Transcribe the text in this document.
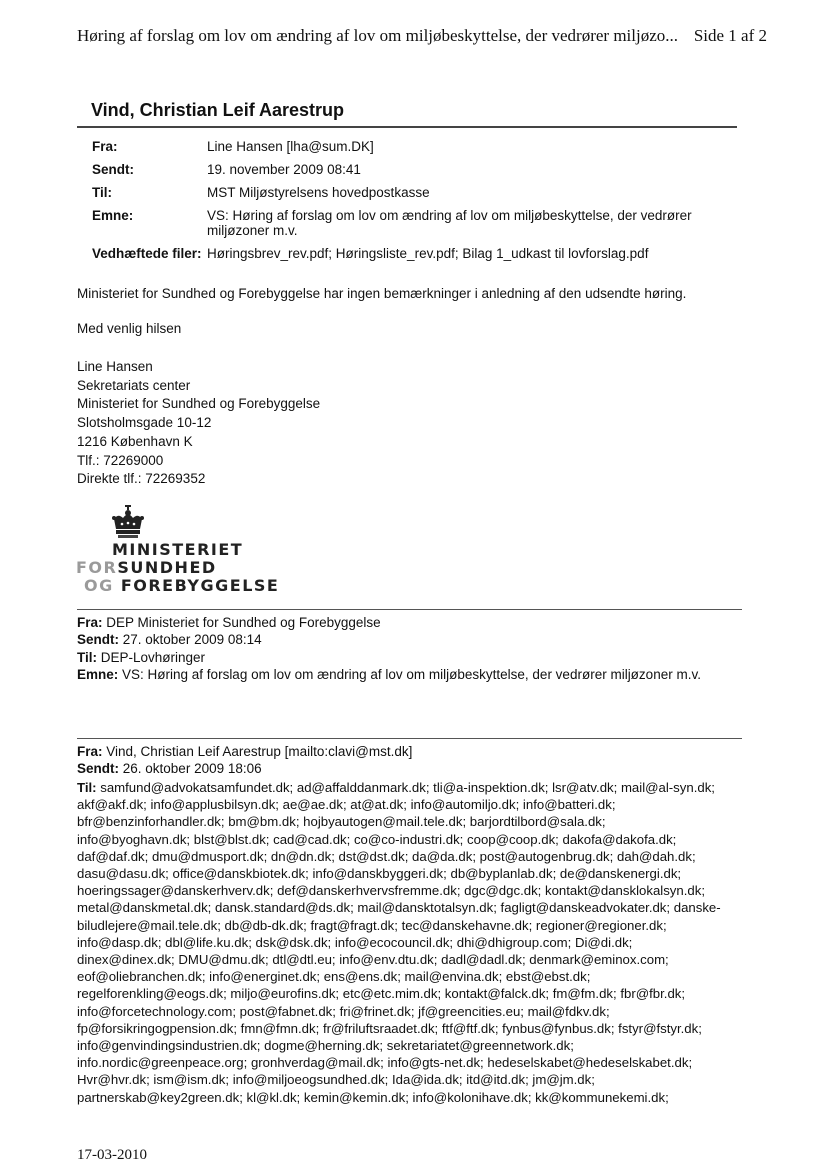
Høring af forslag om lov om ændring af lov om miljøbeskyttelse, der vedrører miljøzo... Side 1 af 2
Vind, Christian Leif Aarestrup
Fra:	Line Hansen [lha@sum.DK]
Sendt:	19. november 2009 08:41
Til:	MST Miljøstyrelsens hovedpostkasse
Emne:	VS: Høring af forslag om lov om ændring af lov om miljøbeskyttelse, der vedrører
miljøzoner m.v.
Vedhæftede filer: Høringsbrev_rev.pdf; Høringsliste_rev.pdf; Bilag 1_udkast til lovforslag.pdf
Ministeriet for Sundhed og Forebyggelse har ingen bemærkninger i anledning af den udsendte høring.
Med venlig hilsen
Line Hansen
Sekretariats center
Ministeriet for Sundhed og Forebyggelse
Slotsholmsgade 10-12
1216 København K
Tlf.: 72269000
Direkte tlf.: 72269352
MINISTERIET
FORSUNDHED
OG FOREBYGGELSE
Fra: DEP Ministeriet for Sundhed og Forebyggelse
Sendt: 27. oktober 2009 08:14
Til: DEP-Lovhøringer
Emne: VS: Høring af forslag om lov om ændring af lov om miljøbeskyttelse, der vedrører miljøzoner m.v.
Fra: Vind, Christian Leif Aarestrup [mailto:clavi@mst.dk]
Sendt: 26. oktober 2009 18:06
Til: samfund@advokatsamfundet.dk; ad@affalddanmark.dk; tli@a-inspektion.dk; lsr@atv.dk; mail@al-syn.dk;
akf@akf.dk; info@applusbilsyn.dk; ae@ae.dk; at@at.dk; info@automiljo.dk; info@batteri.dk;
bfr@benzinforhandler.dk; bm@bm.dk; hojbyautogen@mail.tele.dk; barjordtilbord@sala.dk;
info@byoghavn.dk; blst@blst.dk; cad@cad.dk; co@co-industri.dk; coop@coop.dk; dakofa@dakofa.dk;
daf@daf.dk; dmu@dmusport.dk; dn@dn.dk; dst@dst.dk; da@da.dk; post@autogenbrug.dk; dah@dah.dk;
dasu@dasu.dk; office@danskbiotek.dk; info@danskbyggeri.dk; db@byplanlab.dk; de@danskenergi.dk;
hoeringssager@danskerhverv.dk; def@danskerhvervsfremme.dk; dgc@dgc.dk; kontakt@dansklokalsyn.dk;
metal@danskmetal.dk; dansk.standard@ds.dk; mail@dansktotalsyn.dk; fagligt@danskeadvokater.dk; danske-
biludlejere@mail.tele.dk; db@db-dk.dk; fragt@fragt.dk; tec@danskehavne.dk; regioner@regioner.dk;
info@dasp.dk; dbl@life.ku.dk; dsk@dsk.dk; info@ecocouncil.dk; dhi@dhigroup.com; Di@di.dk;
dinex@dinex.dk; DMU@dmu.dk; dtl@dtl.eu; info@env.dtu.dk; dadl@dadl.dk; denmark@eminox.com;
eof@oliebranchen.dk; info@energinet.dk; ens@ens.dk; mail@envina.dk; ebst@ebst.dk;
regelforenkling@eogs.dk; miljo@eurofins.dk; etc@etc.mim.dk; kontakt@falck.dk; fm@fm.dk; fbr@fbr.dk;
info@forcetechnology.com; post@fabnet.dk; fri@frinet.dk; jf@greencities.eu; mail@fdkv.dk;
fp@forsikringogpension.dk; fmn@fmn.dk; fr@friluftsraadet.dk; ftf@ftf.dk; fynbus@fynbus.dk; fstyr@fstyr.dk;
info@genvindingsindustrien.dk; dogme@herning.dk; sekretariatet@greennetwork.dk;
info.nordic@greenpeace.org; gronhverdag@mail.dk; info@gts-net.dk; hedeselskabet@hedeselskabet.dk;
Hvr@hvr.dk; ism@ism.dk; info@miljoeogsundhed.dk; Ida@ida.dk; itd@itd.dk; jm@jm.dk;
partnerskab@key2green.dk; kl@kl.dk; kemin@kemin.dk; info@kolonihave.dk; kk@kommunekemi.dk;
17-03-2010
